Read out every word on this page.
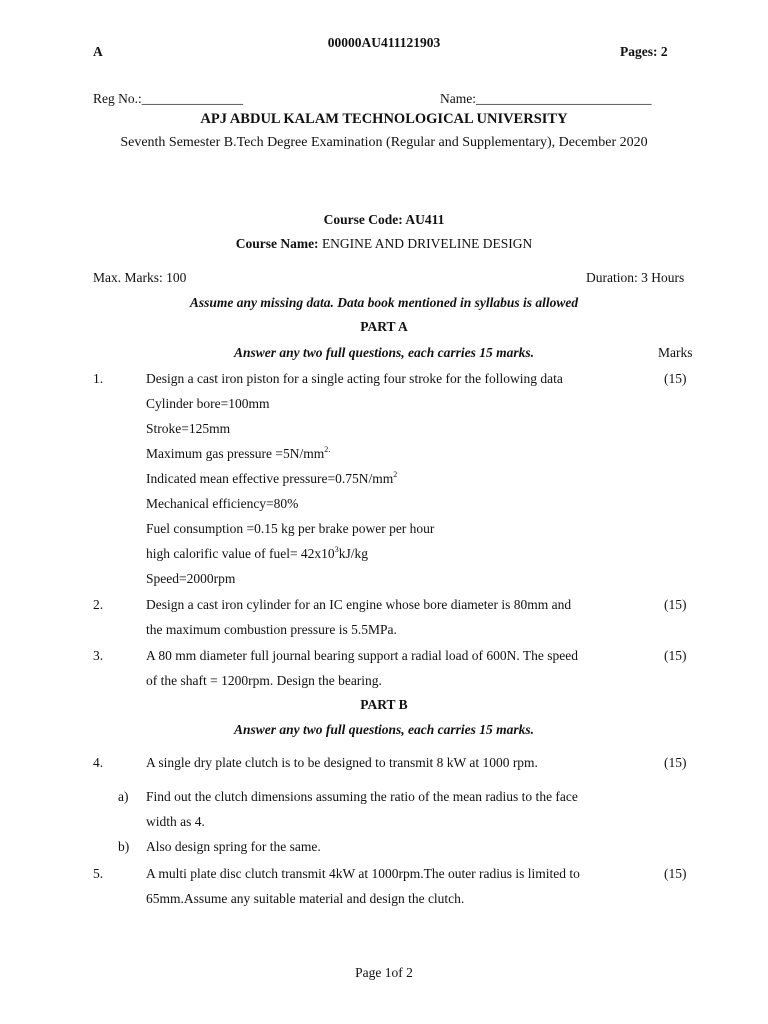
A
00000AU411121903
Pages: 2
Reg No.:_______________	Name:__________________________
APJ ABDUL KALAM TECHNOLOGICAL UNIVERSITY
Seventh Semester B.Tech Degree Examination (Regular and Supplementary), December 2020
Course Code: AU411
Course Name: ENGINE AND DRIVELINE DESIGN
Max. Marks: 100	Duration: 3 Hours
Assume any missing data. Data book mentioned in syllabus is allowed
PART A
Answer any two full questions, each carries 15 marks.	Marks
1.	Design a cast iron piston for a single acting four stroke for the following data	(15)
Cylinder bore=100mm
Stroke=125mm
Maximum gas pressure $=5N/mm^{2.}$
Indicated mean effective $pressure=0.75N/mm^2$
Mechanical efficiency=80%
Fuel consumption =0.15 kg per brake power per hour
high calorific value of fuel= $42x10^3kJ/kg$
Speed=2000rpm
2.	Design a cast iron cylinder for an IC engine whose bore diameter is 80mm and	(15)
the maximum combustion pressure is 5.5MPa.
3.	A 80 mm diameter full journal bearing support a radial load of 600N. The speed	(15)
of the shaft = 1200rpm. Design the bearing.
PART B
Answer any two full questions, each carries 15 marks.
4.	A single dry plate clutch is to be designed to transmit 8 kW at 1000 rpm.	(15)
a) Find out the clutch dimensions assuming the ratio of the mean radius to the face
width as 4.
b) Also design spring for the same.
5.	A multi plate disc clutch transmit 4kW at 1000rpm.The outer radius is limited to	(15)
65mm.Assume any suitable material and design the clutch.
Page 1of 2
